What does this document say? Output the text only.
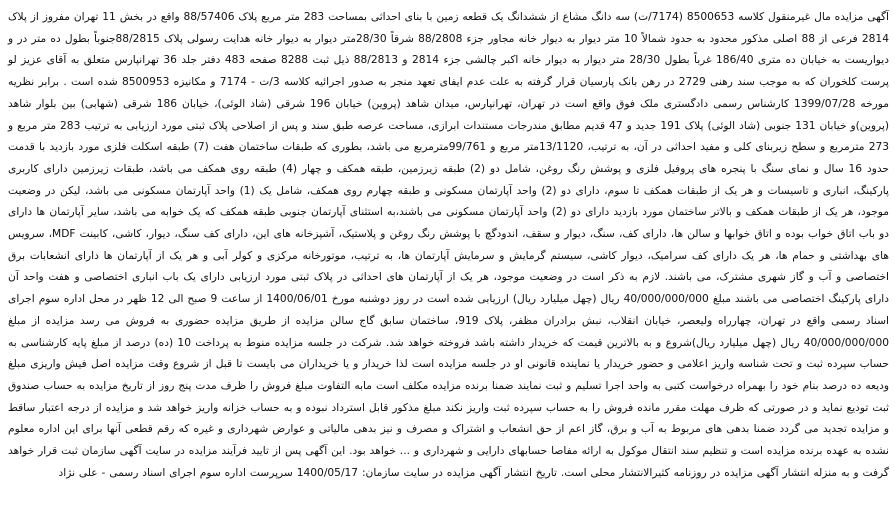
آگهی مزایده مال غیرمنقول کلاسه 8500653 (7174/ت) سه دانگ مشاع از ششدانگ یک قطعه زمین با بنای احداثی بمساحت 283 متر مربع پلاک 88/57406 واقع در بخش 11 تهران مفروز از پلاک 2814 فرعی از 88 اصلی مذکور محدود به حدود شمالاً 10 متر دیوار به دیوار خانه مجاور جزء 88/2808 شرقاً 28/30متر دیوار به دیوار خانه هدایت رسولی پلاک 88/2815جنوباً بطول ده متر در و دیواریست به خیابان ده متری 186/40 غرباً بطول 28/30 متر دیوار به دیوار خانه اکبر چالشی جزء 2814 و 88/2813 ذیل ثبت 8288 صفحه 483 دفتر جلد 36 تهرانپارس متعلق به آقای عزیز لو پرست کلخوران که به موجب سند رهنی 2729 در رهن بانک پارسیان قرار گرفته به علت عدم ایفای تعهد منجر به صدور اجرائیه کلاسه 3/ت - 7174 و مکانیزه 8500953 شده است . برابر نظریه مورخه 1399/07/28 کارشناس رسمی دادگستری ملک فوق واقع است در تهران، تهرانپارس، میدان شاهد (پروین) خیابان 196 شرقی (شاد الوئی)، خیابان 186 شرقی (شهابی) بین بلوار شاهد (پروین)و خیابان 131 جنوبی (شاد الوئی) پلاک 191 جدید و 47 قدیم مطابق مندرجات مستندات ابرازی، مساحت عرصه طبق سند و پس از اصلاحی پلاک ثبتی مورد ارزیابی به ترتیب 283 متر مربع و 273 مترمربع و سطح زیربنای کلی و مفید احداثی در آن، به ترتیب، 13/1120متر مربع و 99/761مترمربع می باشد، بطوری که طبقات ساختمان هفت (7) طبقه اسکلت فلزی مورد بازدید با قدمت حدود 16 سال و نمای سنگ با پنجره های پروفیل فلزی و پوشش رنگ روغن، شامل دو (2) طبقه زیرزمین، طبقه همکف و چهار (4) طبقه روی همکف می باشد، طبقات زیرزمین دارای کاربری پارکینگ، انباری و تاسیسات و هر یک از طبقات همکف تا سوم، دارای دو (2) واحد آپارتمان مسکونی و طبقه چهارم روی همکف، شامل یک (1) واحد آپارتمان مسکونی می باشد، لیکن در وضعیت موجود، هر یک از طبقات همکف و بالاتر ساختمان مورد بازدید دارای دو (2) واحد آپارتمان مسکونی می باشند،به استثنای آپارتمان جنوبی طبقه همکف که یک خوابه می باشد، سایر آپارتمان ها دارای دو باب اتاق خواب بوده و اتاق خوابها و سالن ها، دارای کف، سنگ، دیوار و سقف، اندودگچ با پوشش رنگ روغن و پلاستیک، آشپزخانه های این، دارای کف سنگ، دیوار، کاشی، کابینت MDF، سرویس های بهداشتی و حمام ها، هر یک دارای کف سرامیک، دیوار کاشی، سیستم گرمایش و سرمایش آپارتمان ها، به ترتیب، موتورخانه مرکزی و کولر آبی و هر یک از آپارتمان ها دارای انشعابات برق اختصاصی و آب و گاز شهری مشترک، می باشند. لازم به ذکر است در وضعیت موجود، هر یک از آپارتمان های احداثی در پلاک ثبتی مورد ارزیابی دارای یک باب انباری اختصاصی و هفت واحد آن دارای پارکینگ اختصاصی می باشند مبلغ 40/000/000/000 ریال (چهل میلیارد ریال) ارزیابی شده است در روز دوشنبه مورخ 1400/06/01 از ساعت 9 صبح الی 12 ظهر در محل اداره سوم اجرای اسناد رسمی واقع در تهران، چهارراه ولیعصر، خیابان انقلاب، نبش برادران مظفر، پلاک 919، ساختمان سابق گاج سالن مزایده از طریق مزایده حضوری به فروش می رسد مزایده از مبلغ 40/000/000/000 ریال (چهل میلیارد ریال)شروع و به بالاترین قیمت که خریدار داشته باشد فروخته خواهد شد. شرکت در جلسه مزایده منوط به پرداخت 10 (ده) درصد از مبلغ پایه کارشناسی به حساب سپرده ثبت و تحت شناسه واریز اعلامی و حضور خریدار یا نماینده قانونی او در جلسه مزایده است لذا خریدار و یا خریداران می بایست تا قبل از شروع وقت مزایده اصل فیش واریزی مبلغ ودیعه ده درصد بنام خود را بهمراه درخواست کتبی به واحد اجرا تسلیم و ثبت نمایند ضمنا برنده مزایده مکلف است مابه التفاوت مبلغ فروش را ظرف مدت پنج روز از تاریخ مزایده به حساب صندوق ثبت تودیع نماید و در صورتی که ظرف مهلت مقرر مانده فروش را به حساب سپرده ثبت واریز نکند مبلغ مذکور قابل استرداد نبوده و به حساب خزانه واریز خواهد شد و مزایده از درجه اعتبار ساقط و مزایده تجدید می گردد ضمنا بدهی های مربوط به آب و برق، گاز اعم از حق انشعاب و اشتراک و مصرف و نیز بدهی مالیاتی و عوارض شهرداری و غیره که رقم قطعی آنها برای این اداره معلوم نشده به عهده برنده مزایده است و تنظیم سند انتقال موکول به ارائه مفاصا حسابهای دارایی و شهرداری و ... خواهد بود. این آگهی پس از تایید فرآیند مزایده در سایت آگهی سازمان ثبت قرار خواهد گرفت و به منزله انتشار آگهی مزایده در روزنامه کثیرالانتشار محلی است. تاریخ انتشار آگهی مزایده در سایت سازمان: 1400/05/17 سرپرست اداره سوم اجرای اسناد رسمی - علی نژاد
